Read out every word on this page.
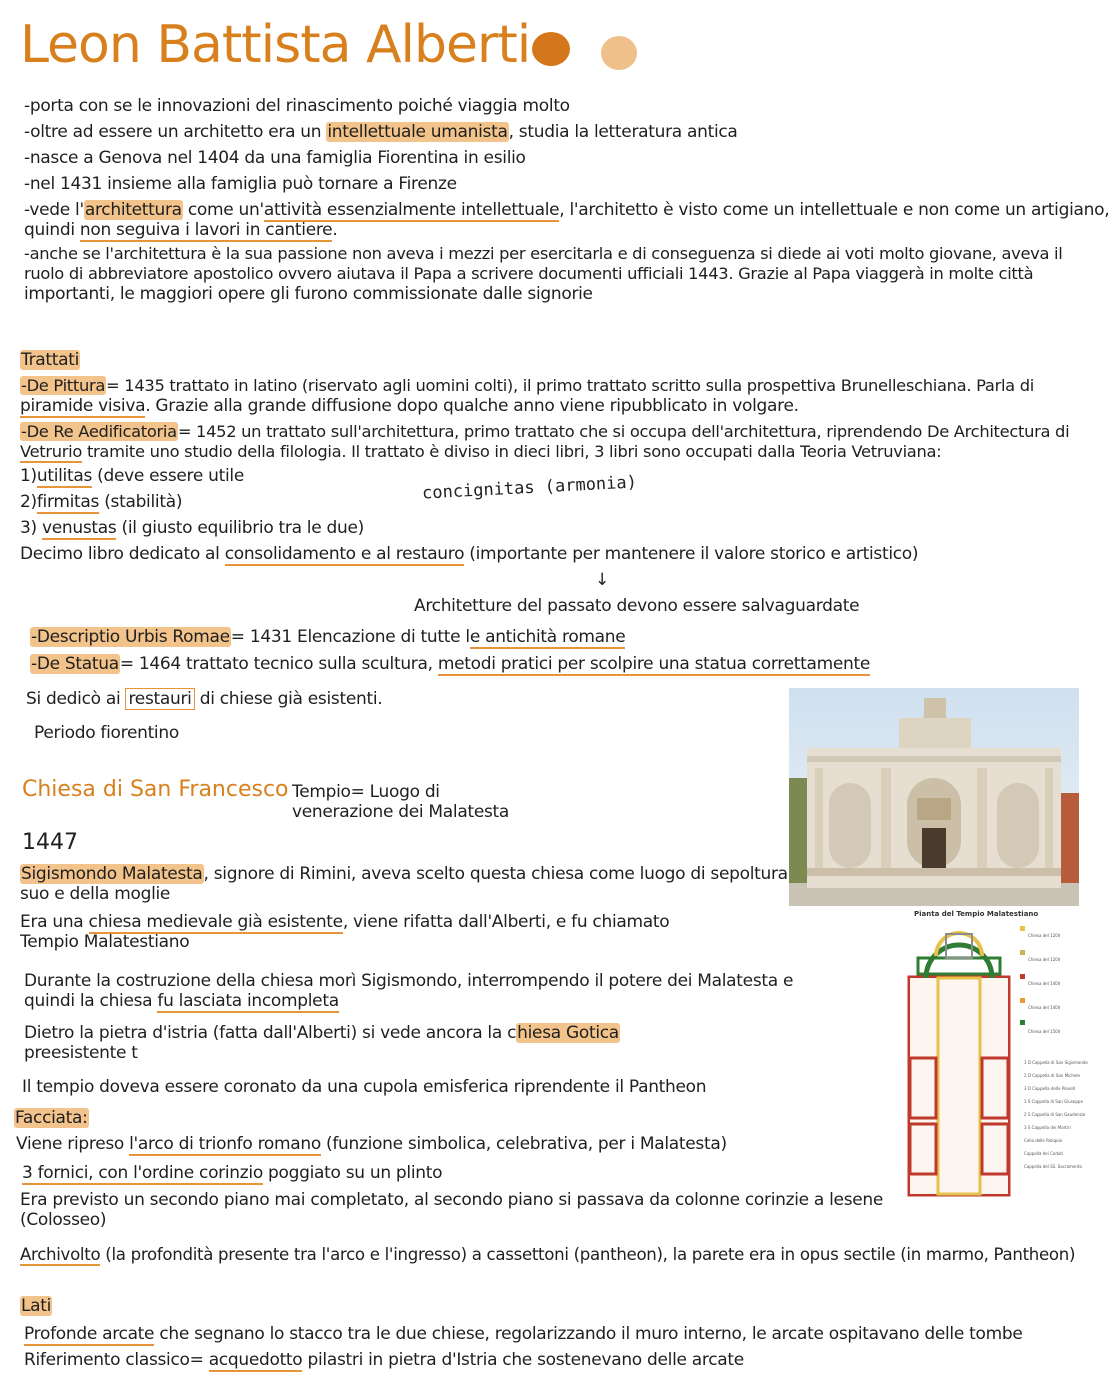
Leon Battista Alberti
-porta con se le innovazioni del rinascimento poiché viaggia molto
-oltre ad essere un architetto era un intellettuale umanista, studia la letteratura antica
-nasce a Genova nel 1404 da una famiglia Fiorentina in esilio
-nel 1431 insieme alla famiglia può tornare a Firenze
-vede l'architettura come un'attività essenzialmente intellettuale, l'architetto è visto come un intellettuale e non come un artigiano,
quindi non seguiva i lavori in cantiere.
-anche se l'architettura è la sua passione non aveva i mezzi per esercitarla e di conseguenza si diede ai voti molto giovane, aveva il
ruolo di abbreviatore apostolico ovvero aiutava il Papa a scrivere documenti ufficiali 1443. Grazie al Papa viaggerà in molte città
importanti, le maggiori opere gli furono commissionate dalle signorie
Trattati
-De Pittura= 1435 trattato in latino (riservato agli uomini colti), il primo trattato scritto sulla prospettiva Brunelleschiana. Parla di
piramide visiva. Grazie alla grande diffusione dopo qualche anno viene ripubblicato in volgare.
-De Re Aedificatoria= 1452 un trattato sull'architettura, primo trattato che si occupa dell'architettura, riprendendo De Architectura di
Vetrurio tramite uno studio della filologia. Il trattato è diviso in dieci libri, 3 libri sono occupati dalla Teoria Vetruviana:
1)utilitas (deve essere utile
2)firmitas (stabilità)
3) venustas (il giusto equilibrio tra le due)
concignitas (armonia)
Decimo libro dedicato al consolidamento e al restauro (importante per mantenere il valore storico e artistico)
↓
Architetture del passato devono essere salvaguardate
-Descriptio Urbis Romae= 1431 Elencazione di tutte le antichità romane
-De Statua= 1464 trattato tecnico sulla scultura, metodi pratici per scolpire una statua correttamente
Si dedicò ai restauri di chiese già esistenti.
Periodo fiorentino
Chiesa di San Francesco Tempio= Luogo di
venerazione dei Malatesta
1447
Sigismondo Malatesta, signore di Rimini, aveva scelto questa chiesa come luogo di sepoltura
suo e della moglie
Era una chiesa medievale già esistente, viene rifatta dall'Alberti, e fu chiamato
Tempio Malatestiano
Durante la costruzione della chiesa morì Sigismondo, interrompendo il potere dei Malatesta e
quindi la chiesa fu lasciata incompleta
Dietro la pietra d'istria (fatta dall'Alberti) si vede ancora la chiesa Gotica
preesistente t
Il tempio doveva essere coronato da una cupola emisferica riprendente il Pantheon
Facciata:
Viene ripreso l'arco di trionfo romano (funzione simbolica, celebrativa, per i Malatesta)
3 fornici, con l'ordine corinzio poggiato su un plinto
Era previsto un secondo piano mai completato, al secondo piano si passava da colonne corinzie a lesene
(Colosseo)
Archivolto (la profondità presente tra l'arco e l'ingresso) a cassettoni (pantheon), la parete era in opus sectile (in marmo, Pantheon)
Lati
Profonde arcate che segnano lo stacco tra le due chiese, regolarizzando il muro interno, le arcate ospitavano delle tombe
Riferimento classico= acquedotto pilastri in pietra d'Istria che sostenevano delle arcate
Pianta del Tempio Malatestiano
Chiesa del 1200
Chiesa del 1200
Chiesa del 1400
Chiesa del 1400
Chiesa del 1500
1 D Cappella di San Sigismondo
2 D Cappella di San Michele
3 D Cappella delle Pianeti
1 S Cappella di San Giuseppe
2 S Cappella di San Gaudenzio
3 S Cappella dei Martiri
Cella delle Reliquie
Cappella dei Caduti
Cappella del SS. Sacramento
